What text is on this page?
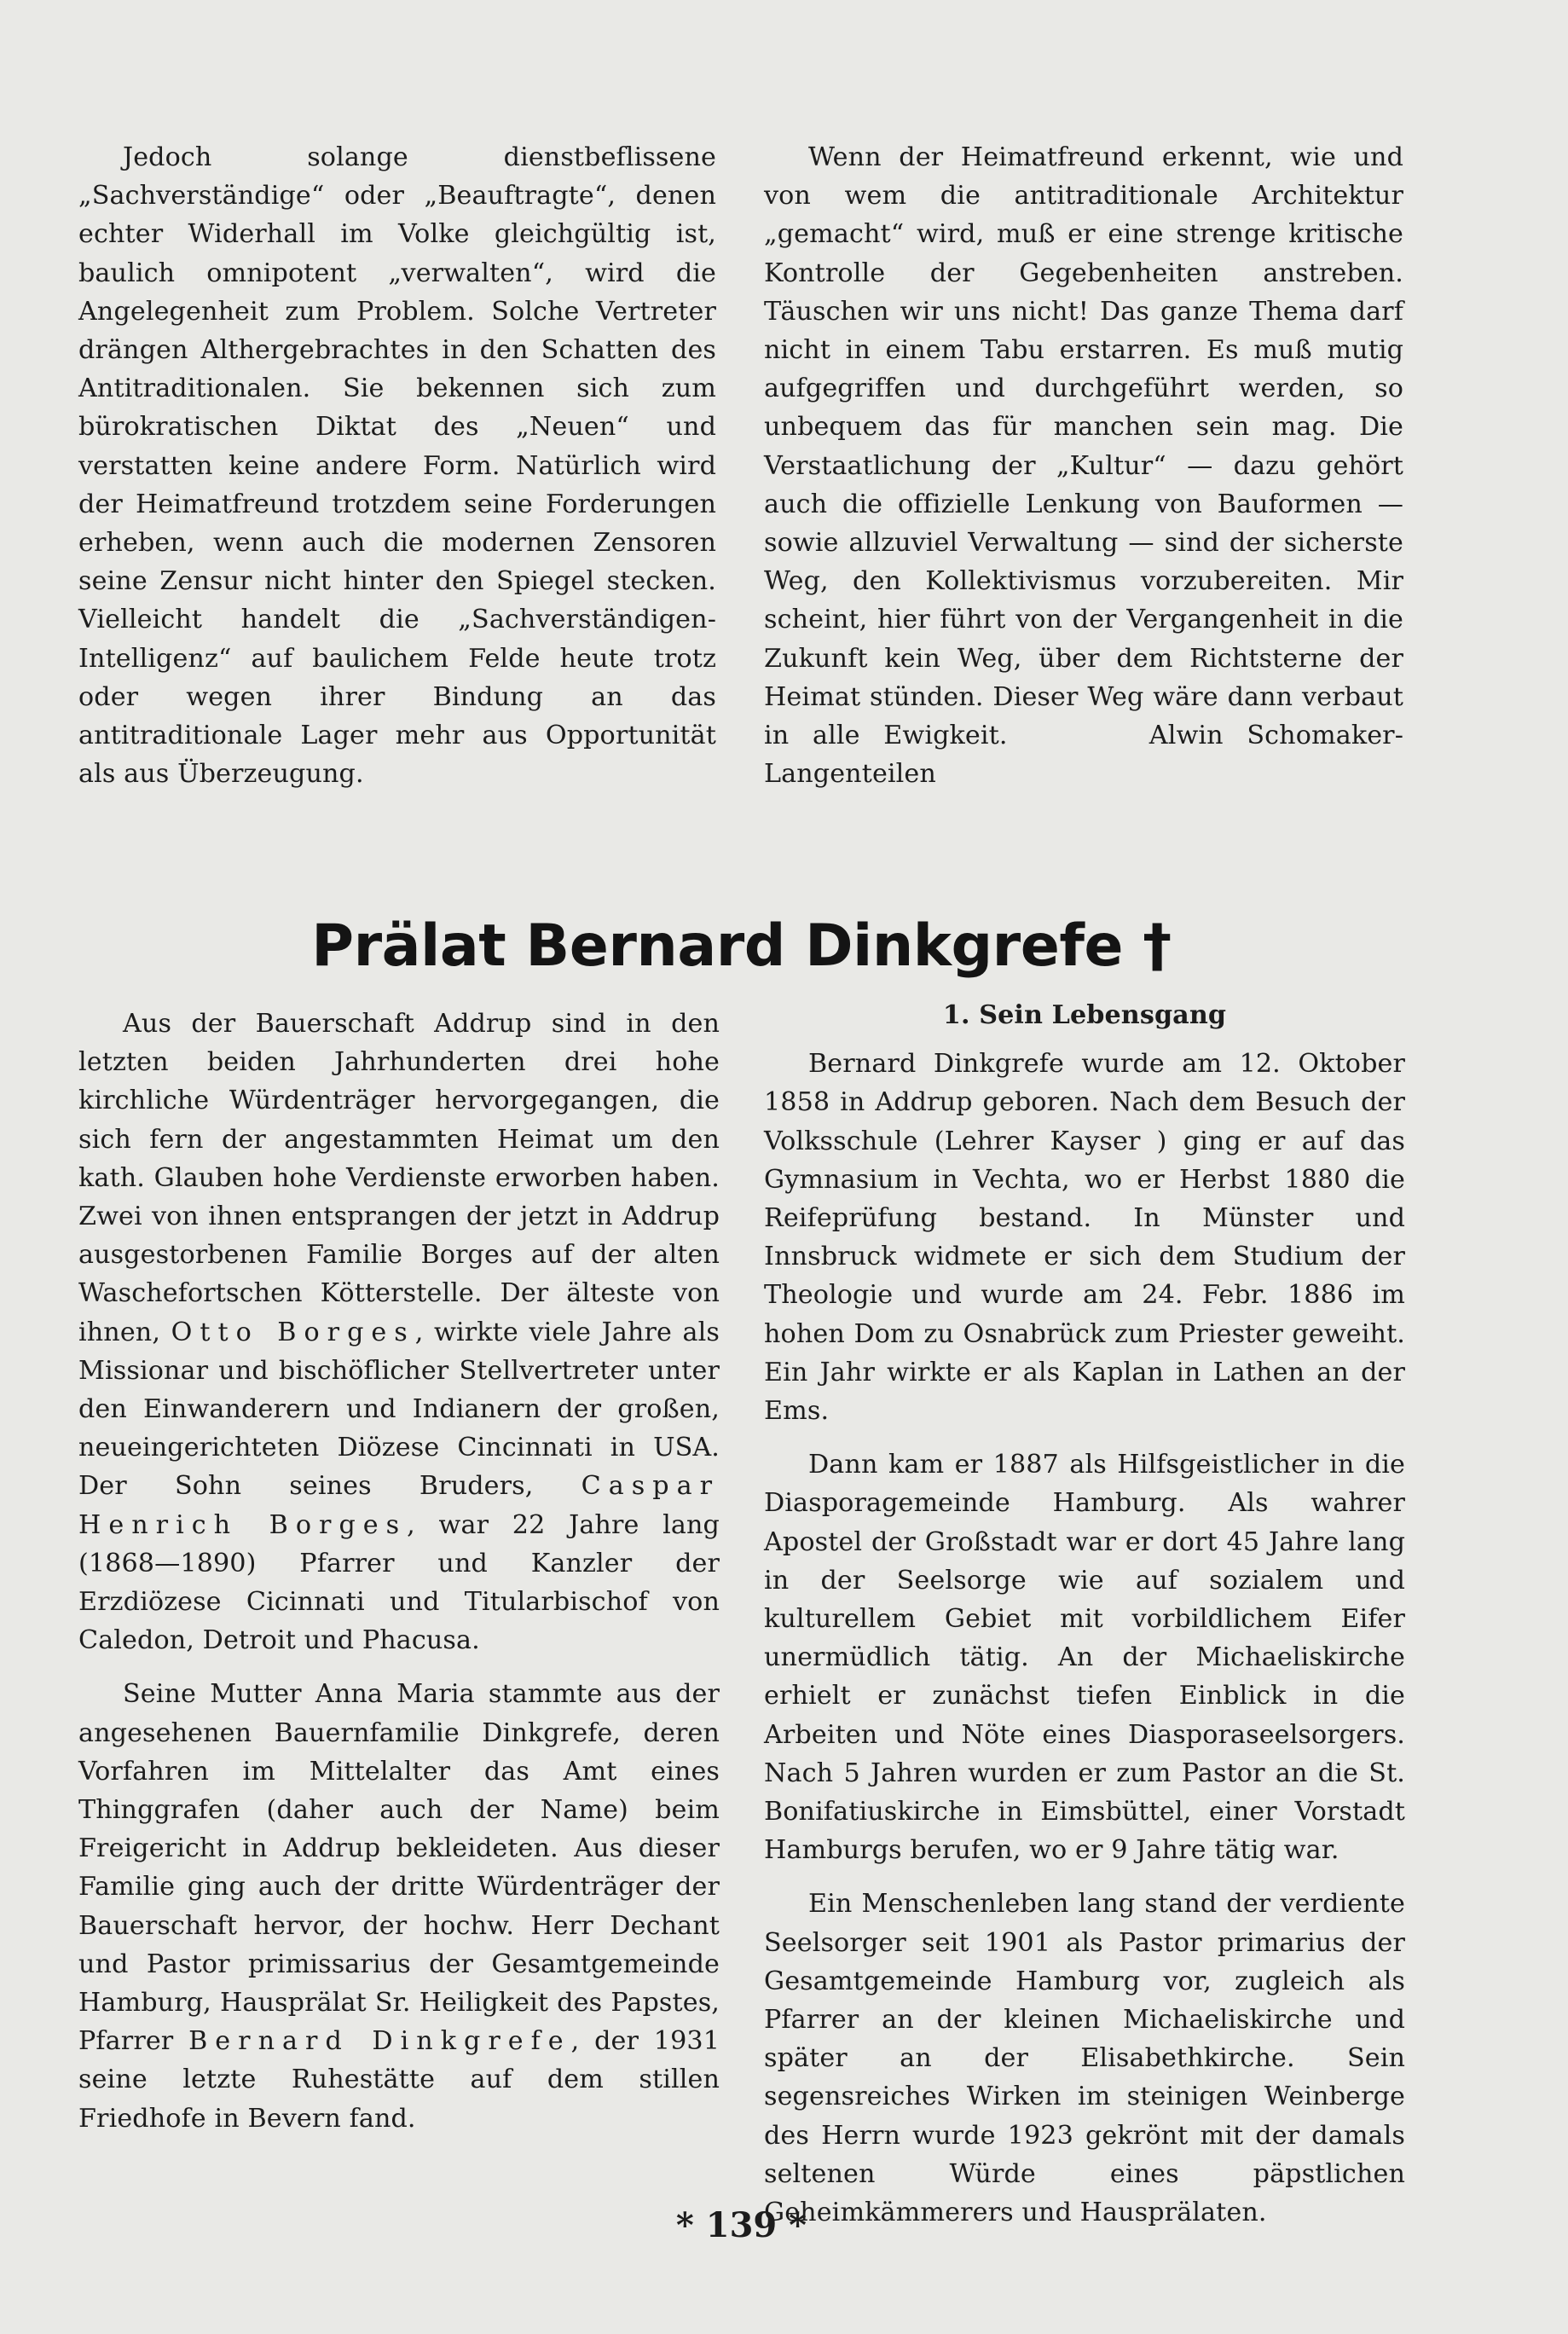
Jedoch solange dienstbeflissene „Sachverständige“ oder „Beauftragte“, denen echter Widerhall im Volke gleichgültig ist, baulich omnipotent „verwalten“, wird die Angelegenheit zum Problem. Solche Vertreter drängen Althergebrachtes in den Schatten des Antitraditionalen. Sie bekennen sich zum bürokratischen Diktat des „Neuen“ und verstatten keine andere Form. Natürlich wird der Heimatfreund trotzdem seine Forderungen erheben, wenn auch die modernen Zensoren seine Zensur nicht hinter den Spiegel stecken. Vielleicht handelt die „Sachverständigen-Intelligenz“ auf baulichem Felde heute trotz oder wegen ihrer Bindung an das antitraditionale Lager mehr aus Opportunität als aus Überzeugung.

Wenn der Heimatfreund erkennt, wie und von wem die antitraditionale Architektur „gemacht“ wird, muß er eine strenge kritische Kontrolle der Gegebenheiten anstreben. Täuschen wir uns nicht! Das ganze Thema darf nicht in einem Tabu erstarren. Es muß mutig aufgegriffen und durchgeführt werden, so unbequem das für manchen sein mag. Die Verstaatlichung der „Kultur“ — dazu gehört auch die offizielle Lenkung von Bauformen — sowie allzuviel Verwaltung — sind der sicherste Weg, den Kollektivismus vorzubereiten. Mir scheint, hier führt von der Vergangenheit in die Zukunft kein Weg, über dem Richtsterne der Heimat stünden. Dieser Weg wäre dann verbaut in alle Ewigkeit.	Alwin Schomaker-Langenteilen

Prälat Bernard Dinkgrefe †

Aus der Bauerschaft Addrup sind in den letzten beiden Jahrhunderten drei hohe kirchliche Würdenträger hervorgegangen, die sich fern der angestammten Heimat um den kath. Glauben hohe Verdienste erworben haben. Zwei von ihnen entsprangen der jetzt in Addrup ausgestorbenen Familie Borges auf der alten Waschefortschen Kötterstelle. Der älteste von ihnen, Otto Borges, wirkte viele Jahre als Missionar und bischöflicher Stellvertreter unter den Einwanderern und Indianern der großen, neueingerichteten Diözese Cincinnati in USA. Der Sohn seines Bruders, Caspar Henrich Borges, war 22 Jahre lang (1868—1890) Pfarrer und Kanzler der Erzdiözese Cicinnati und Titularbischof von Caledon, Detroit und Phacusa.

Seine Mutter Anna Maria stammte aus der angesehenen Bauernfamilie Dinkgrefe, deren Vorfahren im Mittelalter das Amt eines Thinggrafen (daher auch der Name) beim Freigericht in Addrup bekleideten. Aus dieser Familie ging auch der dritte Würdenträger der Bauerschaft hervor, der hochw. Herr Dechant und Pastor primissarius der Gesamtgemeinde Hamburg, Hausprälat Sr. Heiligkeit des Papstes, Pfarrer Bernard Dinkgrefe, der 1931 seine letzte Ruhestätte auf dem stillen Friedhofe in Bevern fand.

1. Sein Lebensgang

Bernard Dinkgrefe wurde am 12. Oktober 1858 in Addrup geboren. Nach dem Besuch der Volksschule (Lehrer Kayser ) ging er auf das Gymnasium in Vechta, wo er Herbst 1880 die Reifeprüfung bestand. In Münster und Innsbruck widmete er sich dem Studium der Theologie und wurde am 24. Febr. 1886 im hohen Dom zu Osnabrück zum Priester geweiht. Ein Jahr wirkte er als Kaplan in Lathen an der Ems.

Dann kam er 1887 als Hilfsgeistlicher in die Diasporagemeinde Hamburg. Als wahrer Apostel der Großstadt war er dort 45 Jahre lang in der Seelsorge wie auf sozialem und kulturellem Gebiet mit vorbildlichem Eifer unermüdlich tätig. An der Michaeliskirche erhielt er zunächst tiefen Einblick in die Arbeiten und Nöte eines Diasporaseelsorgers. Nach 5 Jahren wurden er zum Pastor an die St. Bonifatiuskirche in Eimsbüttel, einer Vorstadt Hamburgs berufen, wo er 9 Jahre tätig war.

Ein Menschenleben lang stand der verdiente Seelsorger seit 1901 als Pastor primarius der Gesamtgemeinde Hamburg vor, zugleich als Pfarrer an der kleinen Michaeliskirche und später an der Elisabethkirche. Sein segensreiches Wirken im steinigen Weinberge des Herrn wurde 1923 gekrönt mit der damals seltenen Würde eines päpstlichen Geheimkämmerers und Hausprälaten.

* 139 *
